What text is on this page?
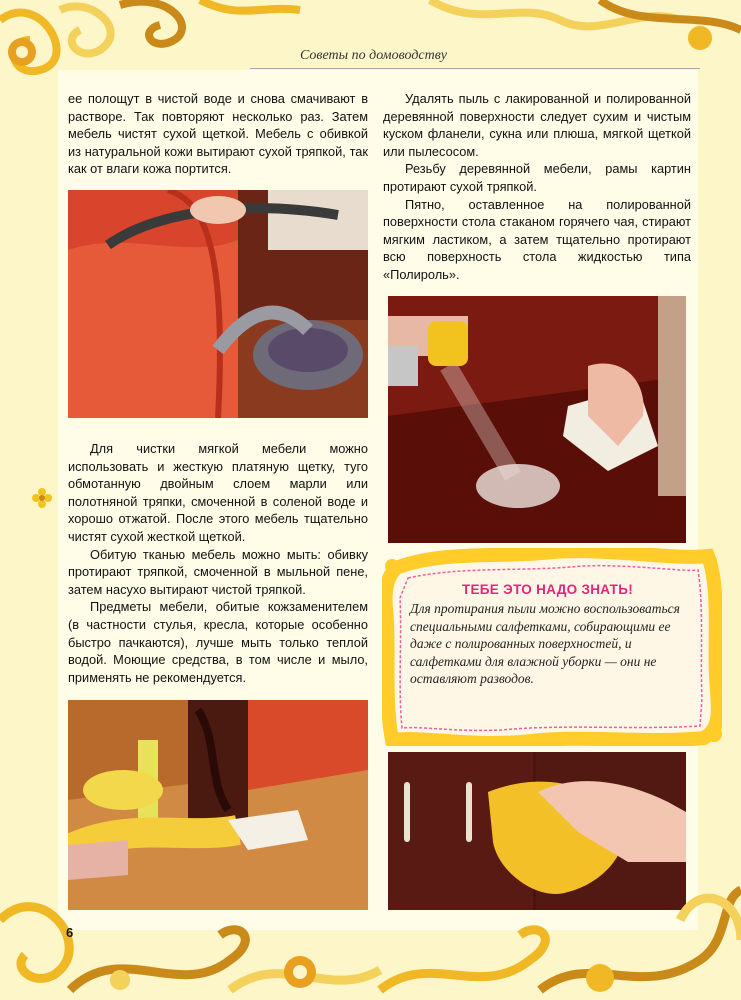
Советы по домоводству

ее полощут в чистой воде и снова смачивают в растворе. Так повторяют несколько раз. Затем мебель чистят сухой щеткой. Мебель с обивкой из натуральной кожи вытирают сухой тряпкой, так как от влаги кожа портится.

Для чистки мягкой мебели можно использовать и жесткую платяную щетку, туго обмотанную двойным слоем марли или полотняной тряпки, смоченной в соленой воде и хорошо отжатой. После этого мебель тщательно чистят сухой жесткой щеткой.

Обитую тканью мебель можно мыть: обивку протирают тряпкой, смоченной в мыльной пене, затем насухо вытирают чистой тряпкой.

Предметы мебели, обитые кожзаменителем (в частности стулья, кресла, которые особенно быстро пачкаются), лучше мыть только теплой водой. Моющие средства, в том числе и мыло, применять не рекомендуется.

Удалять пыль с лакированной и полированной деревянной поверхности следует сухим и чистым куском фланели, сукна или плюша, мягкой щеткой или пылесосом.

Резьбу деревянной мебели, рамы картин протирают сухой тряпкой.

Пятно, оставленное на полированной поверхности стола стаканом горячего чая, стирают мягким ластиком, а затем тщательно протирают всю поверхность стола жидкостью типа «Полироль».

ТЕБЕ ЭТО НАДО ЗНАТЬ!
Для протирания пыли можно воспользоваться специальными салфетками, собирающими ее даже с полированных поверхностей, и салфетками для влажной уборки — они не оставляют разводов.
6
